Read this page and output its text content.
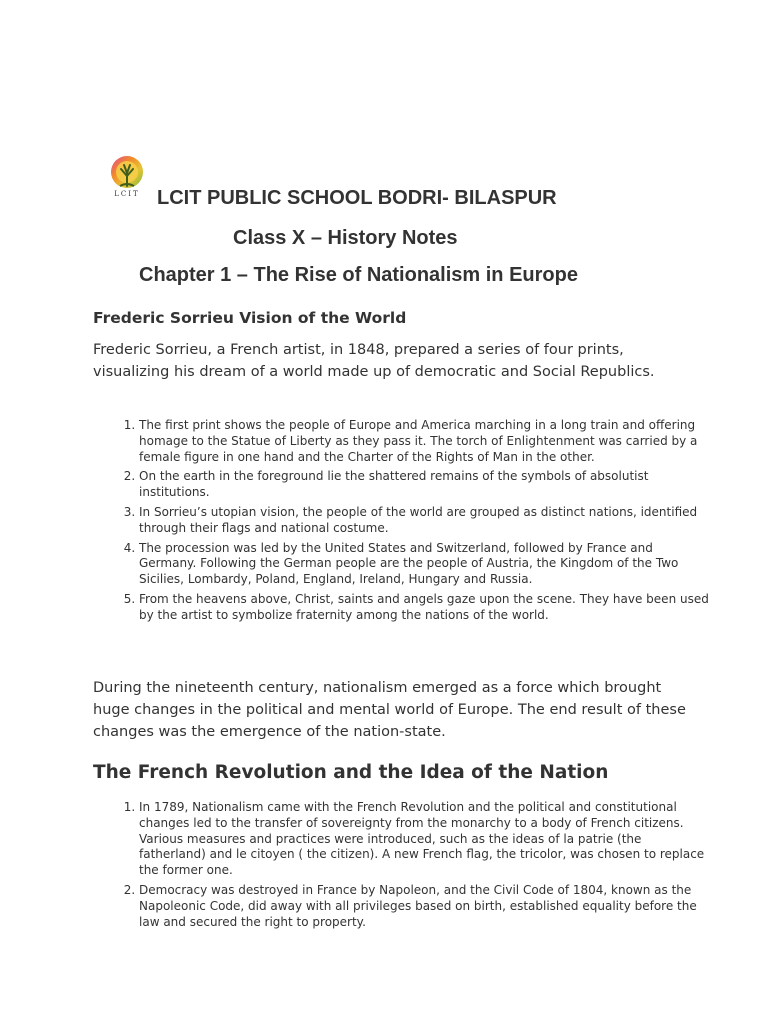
LCIT LCIT PUBLIC SCHOOL BODRI- BILASPUR
Class X – History Notes
Chapter 1 – The Rise of Nationalism in Europe
Frederic Sorrieu Vision of the World

Frederic Sorrieu, a French artist, in 1848, prepared a series of four prints, visualizing his dream of a world made up of democratic and Social Republics.

1. The first print shows the people of Europe and America marching in a long train and offering homage to the Statue of Liberty as they pass it. The torch of Enlightenment was carried by a female figure in one hand and the Charter of the Rights of Man in the other.
2. On the earth in the foreground lie the shattered remains of the symbols of absolutist institutions.
3. In Sorrieu’s utopian vision, the people of the world are grouped as distinct nations, identified through their flags and national costume.
4. The procession was led by the United States and Switzerland, followed by France and Germany. Following the German people are the people of Austria, the Kingdom of the Two Sicilies, Lombardy, Poland, England, Ireland, Hungary and Russia.
5. From the heavens above, Christ, saints and angels gaze upon the scene. They have been used by the artist to symbolize fraternity among the nations of the world.

During the nineteenth century, nationalism emerged as a force which brought huge changes in the political and mental world of Europe. The end result of these changes was the emergence of the nation-state.

The French Revolution and the Idea of the Nation
1. In 1789, Nationalism came with the French Revolution and the political and constitutional changes led to the transfer of sovereignty from the monarchy to a body of French citizens. Various measures and practices were introduced, such as the ideas of la patrie (the fatherland) and le citoyen ( the citizen). A new French flag, the tricolor, was chosen to replace the former one.
2. Democracy was destroyed in France by Napoleon, and the Civil Code of 1804, known as the Napoleonic Code, did away with all privileges based on birth, established equality before the law and secured the right to property.
